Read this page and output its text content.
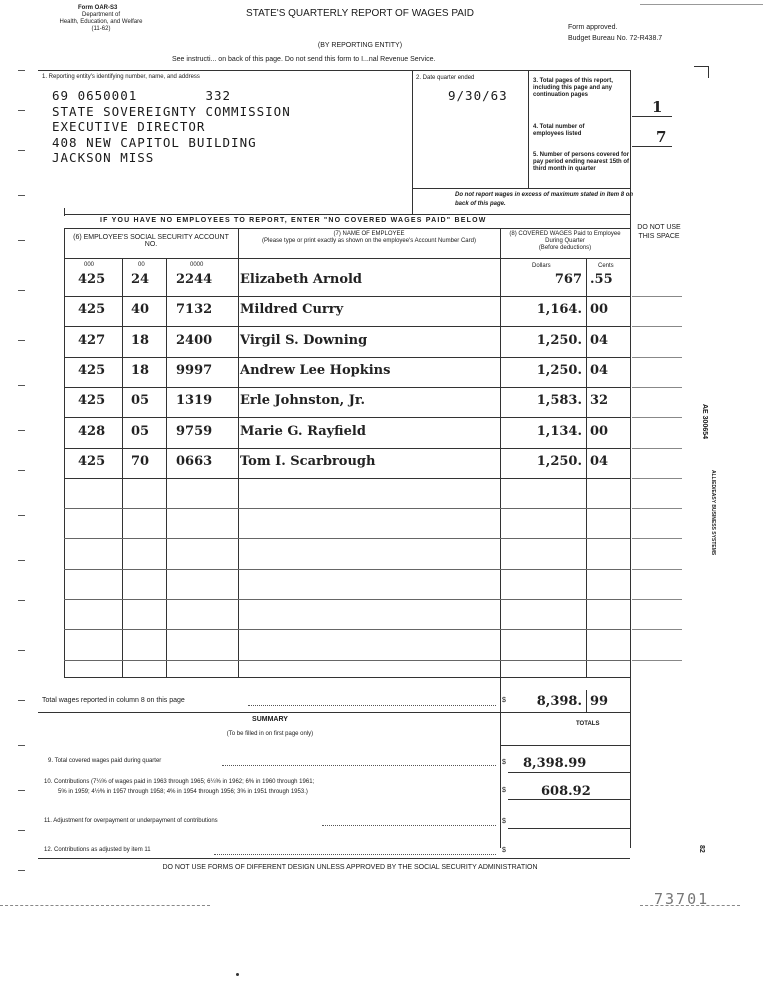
Form OAR-S3
Department of
Health, Education, and Welfare
(11-62)
STATE'S QUARTERLY REPORT OF WAGES PAID
(BY REPORTING ENTITY)
See instructi... on back of this page. Do not send this form to I...nal Revenue Service.
Form approved.
Budget Bureau No. 72-R438.7
1. Reporting entity's identifying number, name, and address
69 0650001        332
STATE SOVEREIGNTY COMMISSION
EXECUTIVE DIRECTOR
408 NEW CAPITOL BUILDING
JACKSON MISS
2. Date quarter ended
9/30/63
3. Total pages of this report, including this page and any continuation pages
1
4. Total number of employees listed	7
5. Number of persons covered for pay period ending nearest 15th of third month in quarter
Do not report wages in excess of maximum stated in Item 8 on back of this page.
IF YOU HAVE NO EMPLOYEES TO REPORT, ENTER "NO COVERED WAGES PAID" BELOW
DO NOT USE THIS SPACE
(6) EMPLOYEE'S SOCIAL SECURITY ACCOUNT NO.
(7) NAME OF EMPLOYEE
(Please type or print exactly as shown on the employee's Account Number Card)
(8) COVERED WAGES Paid to Employee During Quarter
(Before deductions)
000	00	0000	Dollars	Cents
425 24 2244 Elizabeth Arnold	767 .55
425 40 7132 Mildred Curry	1,164. 00
427 18 2400 Virgil S. Downing	1,250. 04
425 18 9997 Andrew Lee Hopkins	1,250. 04
425 05 1319 Erle Johnston, Jr.	1,583. 32
428 05 9759 Marie G. Rayfield	1,134. 00
425 70 0663 Tom I. Scarbrough	1,250. 04
Total wages reported in column 8 on this page	$	8,398. 99
SUMMARY
(To be filled in on first page only)
TOTALS
9. Total covered wages paid during quarter	$ 8,398.99
10. Contributions (7¼% of wages paid in 1963 through 1965; 6¼% in 1962; 6% in 1960 through 1961;
5% in 1959; 4½% in 1957 through 1958; 4% in 1954 through 1956; 3% in 1951 through 1953.)	$	608.92
11. Adjustment for overpayment or underpayment of contributions	$
12. Contributions as adjusted by item 11	$
DO NOT USE FORMS OF DIFFERENT DESIGN UNLESS APPROVED BY THE SOCIAL SECURITY ADMINISTRATION
AE 300654
ALLIED/EASY BUSINESS SYSTEMS
82
73701
